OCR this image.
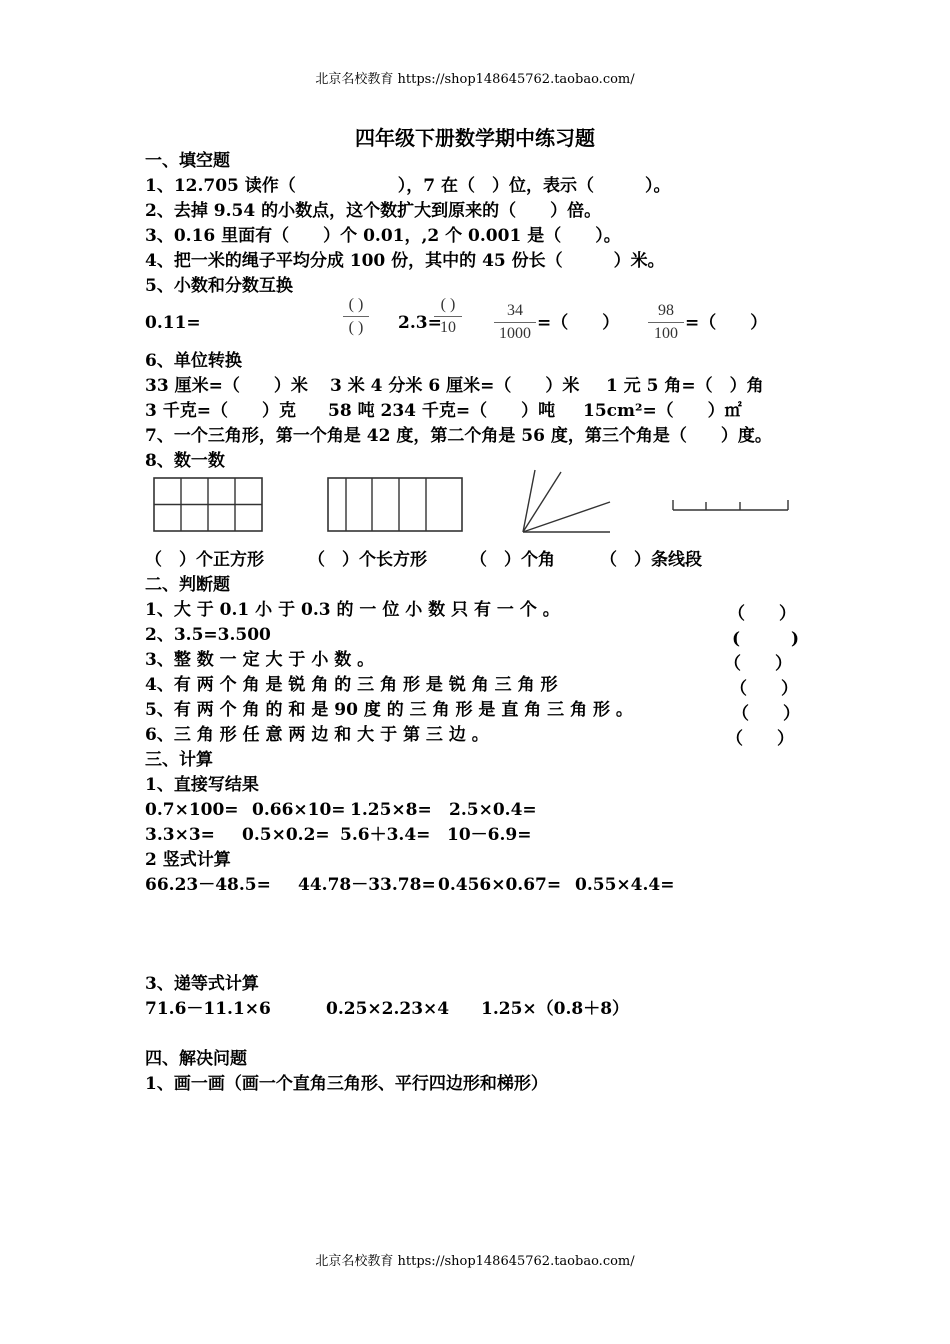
北京名校教育 https://shop148645762.taobao.com/
四年级下册数学期中练习题
一、填空题
1、12.705 读作（　　　　　　），7 在（　）位，表示（　　　）。
2、去掉 9.54 的小数点，这个数扩大到原来的（　　）倍。
3、0.16 里面有（　　）个 0.01，,2 个 0.001 是（　　）。
4、把一米的绳子平均分成 100 份，其中的 45 份长（　　　）米。
5、小数和分数互换
0.11=
( )
( )	2.3=
( )
10
34
1000
=（　　）
98
100
=（　　）
6、单位转换
33 厘米=（　　）米 3 米 4 分米 6 厘米=（　　）米 1 元 5 角=（　）角
3 千克=（　　）克 58 吨 234 千克=（　　）吨 15cm²=（　　）㎡
7、一个三角形，第一个角是 42 度，第二个角是 56 度，第三个角是（　　）度。
8、数一数
（　）个正方形	（　）个长方形	（　）个角	（　）条线段
二、判断题
1、大 于 0.1 小 于 0.3 的 一 位 小 数 只 有 一 个 。	（　　）
2、3.5=3.500	(　　　)
3、整 数 一 定 大 于 小 数 。	（　　）
4、有 两 个 角 是 锐 角 的 三 角 形 是 锐 角 三 角 形	（　　）
5、有 两 个 角 的 和 是 90 度 的 三 角 形 是 直 角 三 角 形 。	（　　）
6、三 角 形 任 意 两 边 和 大 于 第 三 边 。	（　　）
三、计算
1、直接写结果
0.7×100= 0.66×10= 1.25×8= 2.5×0.4=
3.3×3= 0.5×0.2= 5.6＋3.4= 10－6.9=
2 竖式计算
66.23－48.5= 44.78－33.78= 0.456×0.67= 0.55×4.4=
3、递等式计算
71.6－11.1×6	0.25×2.23×4 1.25×（0.8＋8）
四、解决问题
1、画一画（画一个直角三角形、平行四边形和梯形）
北京名校教育 https://shop148645762.taobao.com/
